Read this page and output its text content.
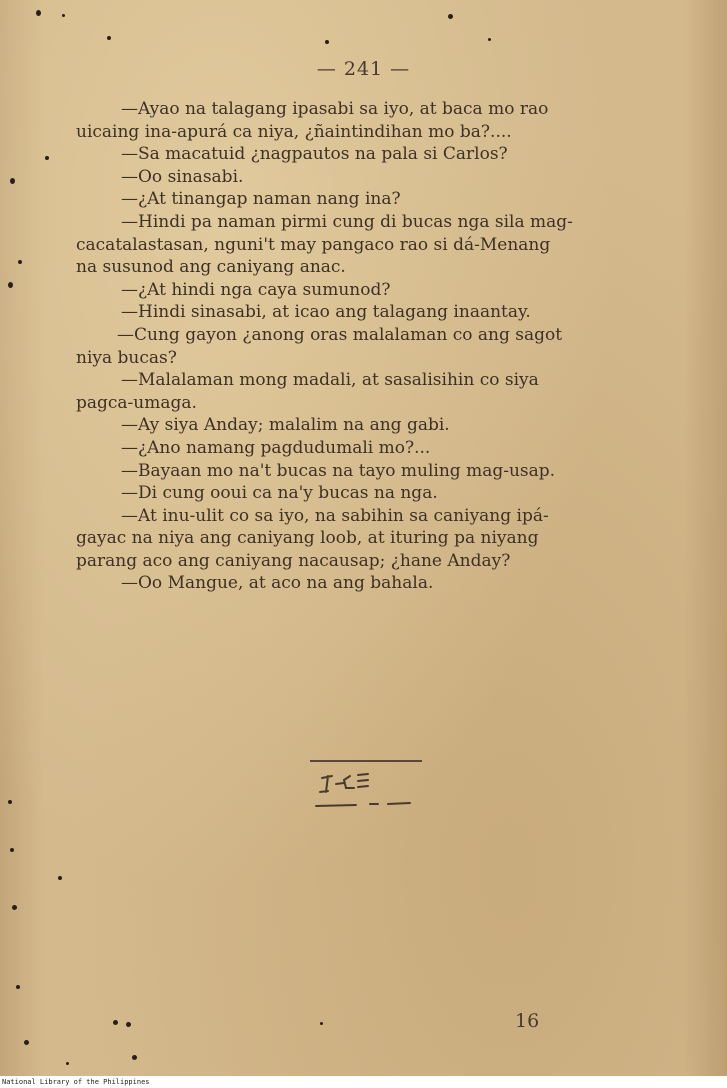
— 241 —
—Ayao na talagang ipasabi sa iyo, at baca mo rao
uicaing ina-apurá ca niya, ¿ñaintindihan mo ba?....
—Sa macatuid ¿nagpautos na pala si Carlos?
—Oo sinasabi.
—¿At tinangap naman nang ina?
—Hindi pa naman pirmi cung di bucas nga sila mag-
cacatalastasan, nguni't may pangaco rao si dá-Menang
na susunod ang caniyang anac.
—¿At hindi nga caya sumunod?
—Hindi sinasabi, at icao ang talagang inaantay.
—Cung gayon ¿anong oras malalaman co ang sagot
niya bucas?
—Malalaman mong madali, at sasalisihin co siya
pagca-umaga.
—Ay siya Anday; malalim na ang gabi.
—¿Ano namang pagdudumali mo?...
—Bayaan mo na't bucas na tayo muling mag-usap.
—Di cung ooui ca na'y bucas na nga.
—At inu-ulit co sa iyo, na sabihin sa caniyang ipá-
gayac na niya ang caniyang loob, at ituring pa niyang
parang aco ang caniyang nacausap; ¿hane Anday?
—Oo Mangue, at aco na ang bahala.
16
National Library of the Philippines
